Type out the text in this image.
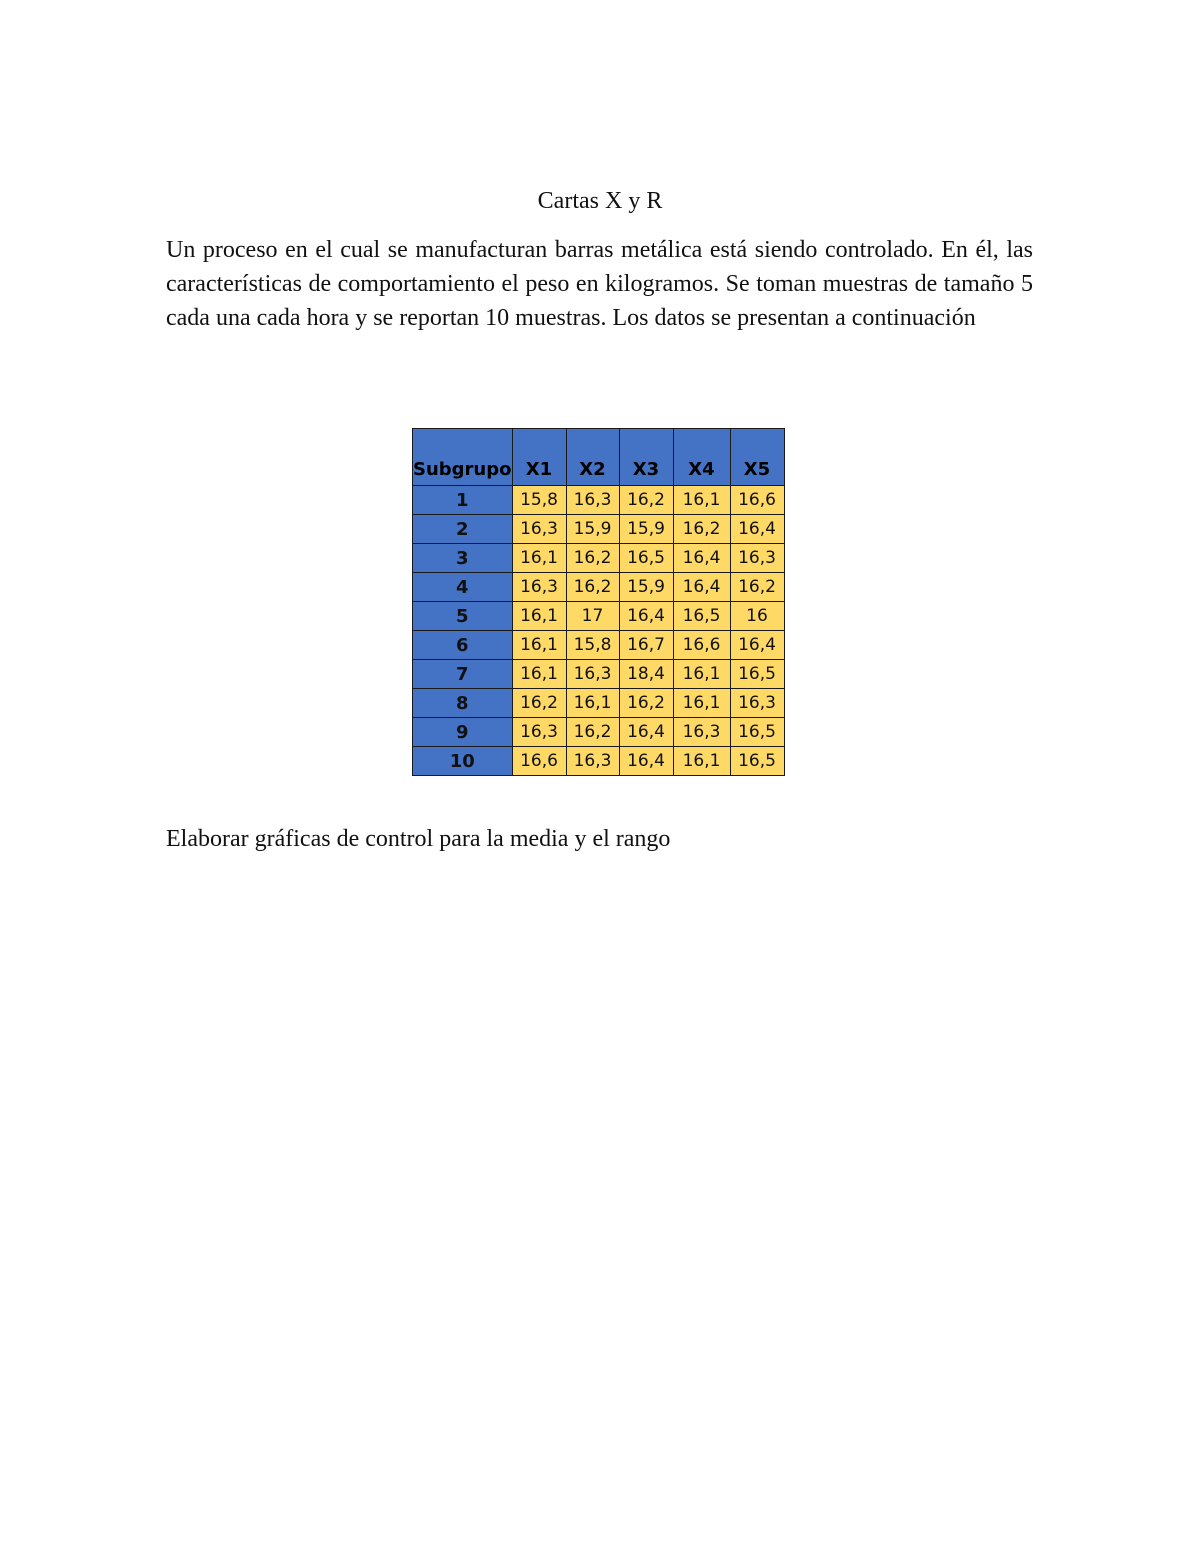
Cartas X y R

Un proceso en el cual se manufacturan barras metálica está siendo controlado. En él, las características de comportamiento el peso en kilogramos. Se toman muestras de tamaño 5 cada una cada hora y se reportan 10 muestras. Los datos se presentan a continuación

Subgrupo	X1	X2	X3	X4	X5
1	15,8	16,3	16,2	16,1	16,6
2	16,3	15,9	15,9	16,2	16,4
3	16,1	16,2	16,5	16,4	16,3
4	16,3	16,2	15,9	16,4	16,2
5	16,1	17	16,4	16,5	16
6	16,1	15,8	16,7	16,6	16,4
7	16,1	16,3	18,4	16,1	16,5
8	16,2	16,1	16,2	16,1	16,3
9	16,3	16,2	16,4	16,3	16,5
10	16,6	16,3	16,4	16,1	16,5

Elaborar gráficas de control para la media y el rango
